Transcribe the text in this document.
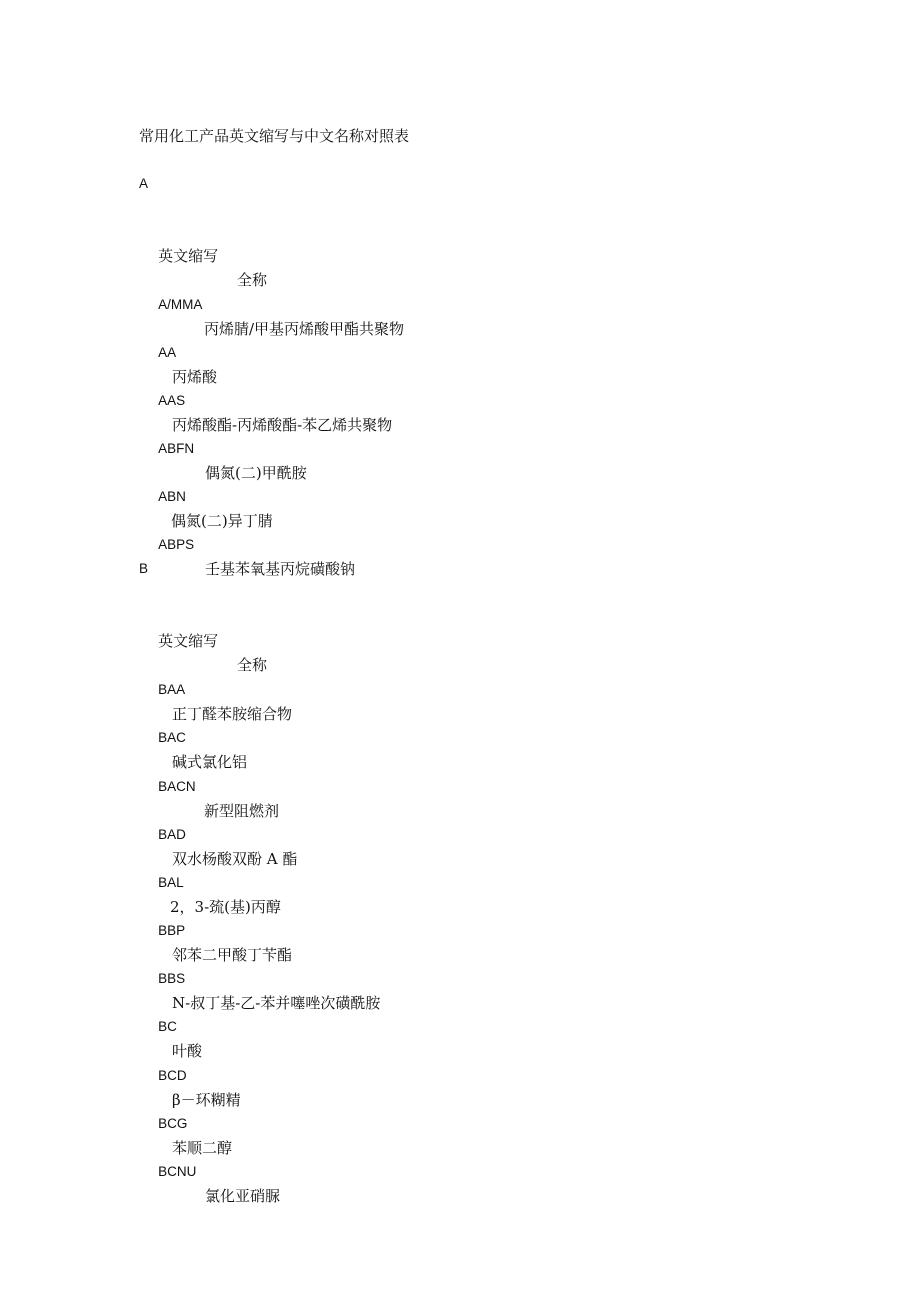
常用化工产品英文缩写与中文名称对照表
A

英文缩写

全称

A/MMA

丙烯腈/甲基丙烯酸甲酯共聚物

AA

丙烯酸

AAS

丙烯酸酯-丙烯酸酯-苯乙烯共聚物

ABFN

偶氮(二)甲酰胺

ABN

偶氮(二)异丁腈

ABPS

壬基苯氧基丙烷磺酸钠

B

英文缩写

全称

BAA

正丁醛苯胺缩合物

BAC

碱式氯化铝

BACN

新型阻燃剂

BAD

双水杨酸双酚 A 酯

BAL

2，3-巯(基)丙醇

BBP

邻苯二甲酸丁苄酯

BBS

N-叔丁基-乙-苯并噻唑次磺酰胺

BC

叶酸

BCD

β－环糊精

BCG

苯顺二醇

BCNU

氯化亚硝脲
